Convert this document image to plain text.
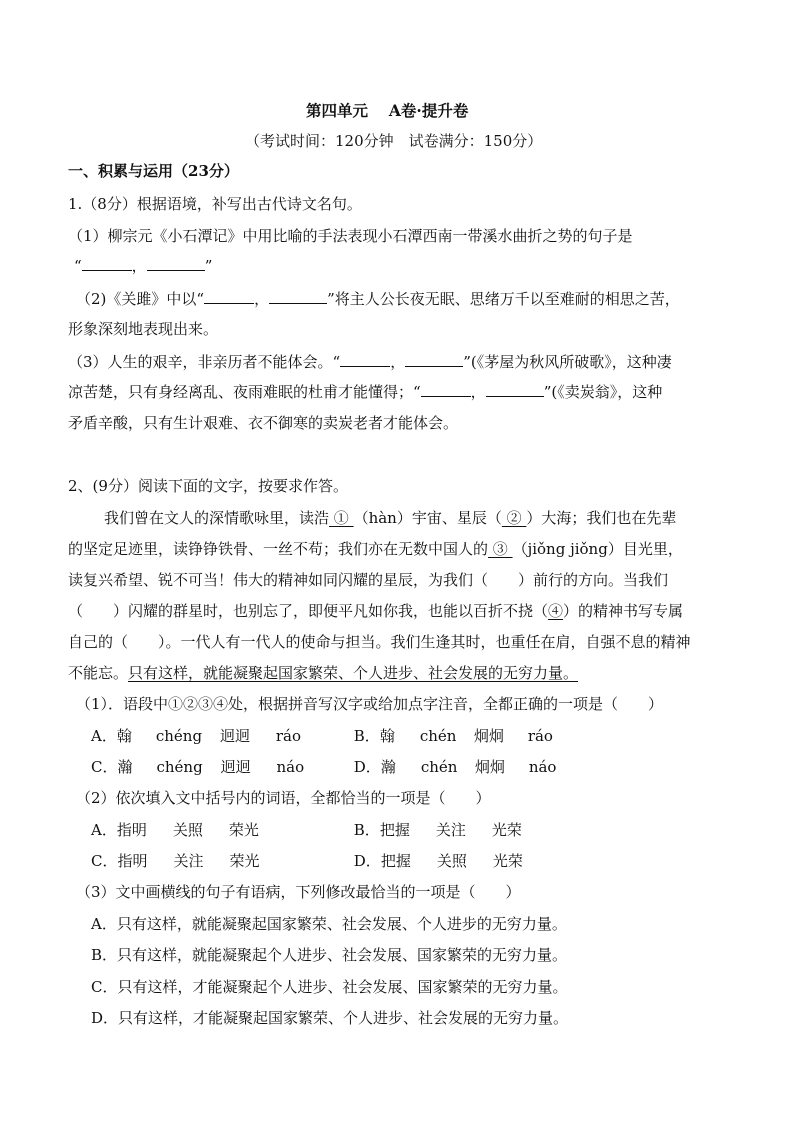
第四单元　 A卷·提升卷
（考试时间：120分钟　试卷满分：150分）
一、积累与运用（23分）
1.（8分）根据语境，补写出古代诗文名句。
（1）柳宗元《小石潭记》中用比喻的手法表现小石潭西南一带溪水曲折之势的句子是
“	，	”
（2)《关雎》中以“	，	”将主人公长夜无眠、思绪万千以至难耐的相思之苦，
形象深刻地表现出来。
（3）人生的艰辛，非亲历者不能体会。“	，	”(《茅屋为秋风所破歌》，这种凄
凉苦楚，只有身经离乱、夜雨难眠的杜甫才能懂得；“	，	”(《卖炭翁》，这种
矛盾辛酸，只有生计艰难、衣不御寒的卖炭老者才能体会。
2、(9分）阅读下面的文字，按要求作答。
我们曾在文人的深情歌咏里，读浩 ① （hàn）宇宙、星辰（ ② ）大海；我们也在先辈
的坚定足迹里，读铮铮铁骨、一丝不苟；我们亦在无数中国人的 ③ （jiǒng jiǒng）目光里，
读复兴希望、锐不可当！伟大的精神如同闪耀的星辰，为我们（　　）前行的方向。当我们
（　　）闪耀的群星时，也别忘了，即便平凡如你我，也能以百折不挠（④）的精神书写专属
自己的（　　）。一代人有一代人的使命与担当。我们生逢其时，也重任在肩，自强不息的精神
不能忘。只有这样，就能凝聚起国家繁荣、个人进步、社会发展的无穷力量。
（1）．语段中①②③④处，根据拼音写汉字或给加点字注音，全都正确的一项是（　　）
A．翰 chéng 迥迥 ráo	B．翰 chén 炯炯 ráo
C．瀚 chéng 迥迥 náo	D．瀚 chén 炯炯 náo
（2）依次填入文中括号内的词语，全都恰当的一项是（　　）
A．指明 关照 荣光	B．把握 关注 光荣
C．指明 关注 荣光	D．把握 关照 光荣
（3）文中画横线的句子有语病，下列修改最恰当的一项是（　　）
A．只有这样，就能凝聚起国家繁荣、社会发展、个人进步的无穷力量。
B．只有这样，就能凝聚起个人进步、社会发展、国家繁荣的无穷力量。
C．只有这样，才能凝聚起个人进步、社会发展、国家繁荣的无穷力量。
D．只有这样，才能凝聚起国家繁荣、个人进步、社会发展的无穷力量。
